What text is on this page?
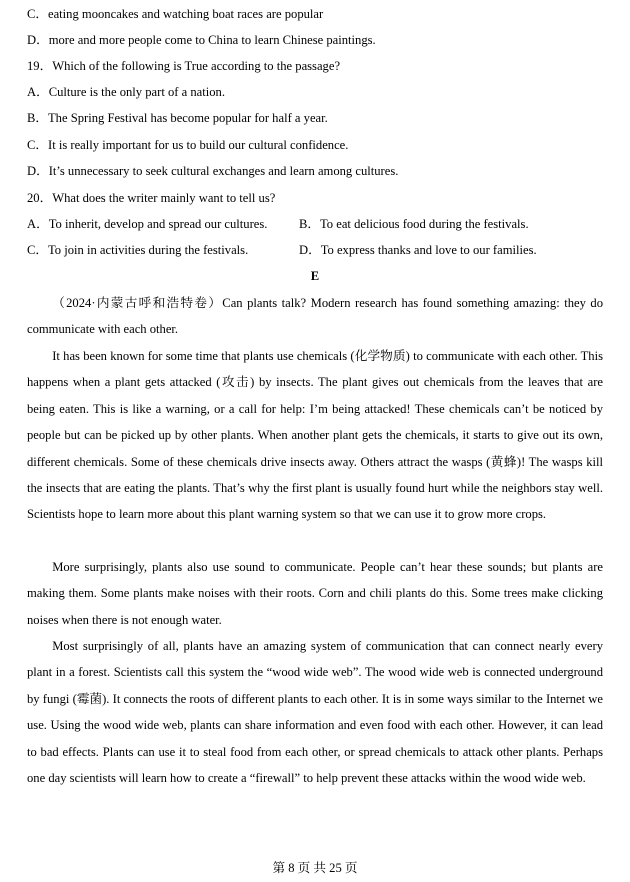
C．eating mooncakes and watching boat races are popular
D．more and more people come to China to learn Chinese paintings.
19．Which of the following is True according to the passage?
A．Culture is the only part of a nation.
B．The Spring Festival has become popular for half a year.
C．It is really important for us to build our cultural confidence.
D．It’s unnecessary to seek cultural exchanges and learn among cultures.
20．What does the writer mainly want to tell us?
A．To inherit, develop and spread our cultures.	B．To eat delicious food during the festivals.
C．To join in activities during the festivals.	D．To express thanks and love to our families.
E
（2024·内蒙古呼和浩特卷）Can plants talk? Modern research has found something amazing: they do communicate with each other.
It has been known for some time that plants use chemicals (化学物质) to communicate with each other. This happens when a plant gets attacked (攻击) by insects. The plant gives out chemicals from the leaves that are being eaten. This is like a warning, or a call for help: I’m being attacked! These chemicals can’t be noticed by people but can be picked up by other plants. When another plant gets the chemicals, it starts to give out its own, different chemicals. Some of these chemicals drive insects away. Others attract the wasps (黄蜂)! The wasps kill the insects that are eating the plants. That’s why the first plant is usually found hurt while the neighbors stay well. Scientists hope to learn more about this plant warning system so that we can use it to grow more crops.
More surprisingly, plants also use sound to communicate. People can’t hear these sounds; but plants are making them. Some plants make noises with their roots. Corn and chili plants do this. Some trees make clicking noises when there is not enough water.
Most surprisingly of all, plants have an amazing system of communication that can connect nearly every plant in a forest. Scientists call this system the “wood wide web”. The wood wide web is connected underground by fungi (霉菌). It connects the roots of different plants to each other. It is in some ways similar to the Internet we use. Using the wood wide web, plants can share information and even food with each other. However, it can lead to bad effects. Plants can use it to steal food from each other, or spread chemicals to attack other plants. Perhaps one day scientists will learn how to create a “firewall” to help prevent these attacks within the wood wide web.
第 8 页 共 25 页
